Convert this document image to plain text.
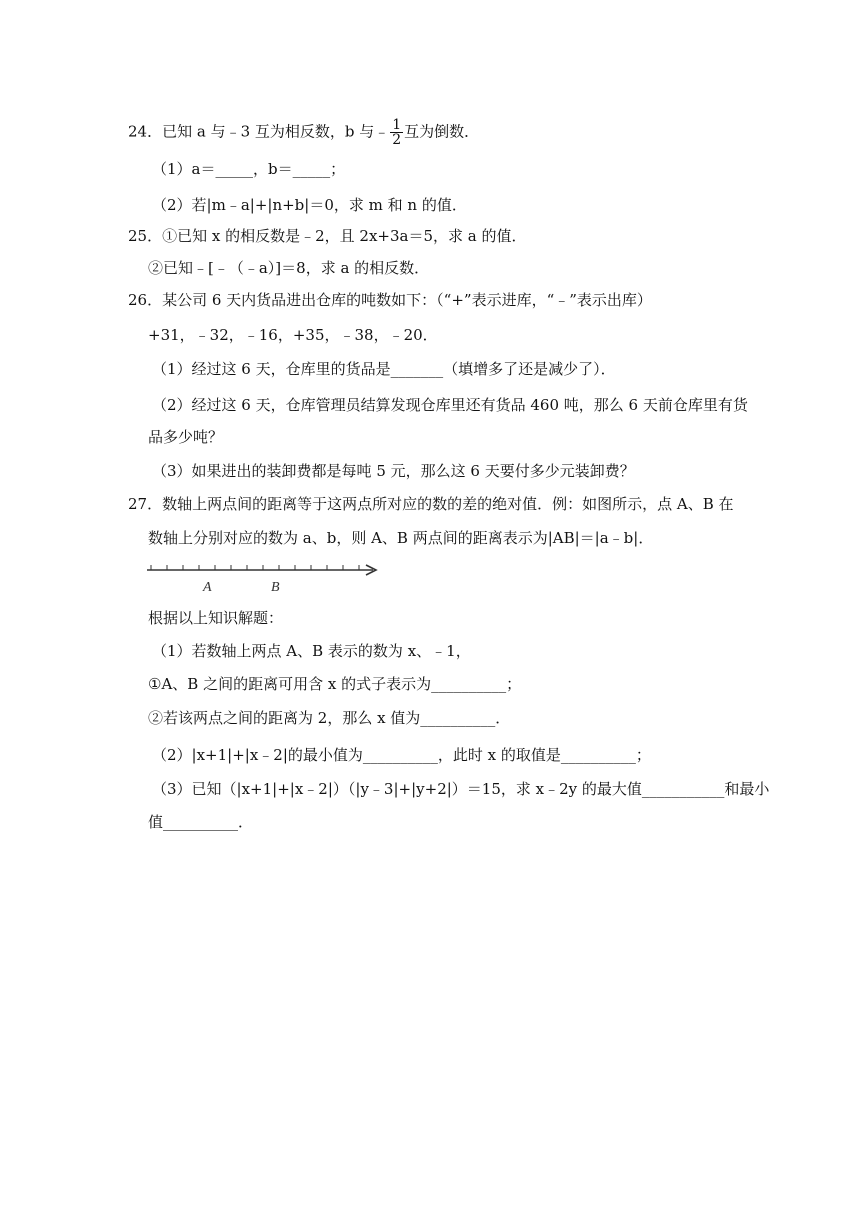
24．已知 a 与﹣3 互为相反数，b 与﹣ $\frac{1}{2}$ 互为倒数．
（1）a＝_____，b＝_____；
（2）若|m﹣a|+|n+b|＝0，求 m 和 n 的值．
25．①已知 x 的相反数是﹣2，且 2x+3a＝5，求 a 的值．
②已知﹣[﹣（﹣a）]＝8，求 a 的相反数．
26．某公司 6 天内货品进出仓库的吨数如下：（“+”表示进库，“﹣”表示出库）
+31，﹣32，﹣16，+35，﹣38，﹣20．
（1）经过这 6 天，仓库里的货品是_______（填增多了还是减少了）．
（2）经过这 6 天，仓库管理员结算发现仓库里还有货品 460 吨，那么 6 天前仓库里有货
品多少吨？
（3）如果进出的装卸费都是每吨 5 元，那么这 6 天要付多少元装卸费？
27．数轴上两点间的距离等于这两点所对应的数的差的绝对值．例：如图所示，点 A、B 在
数轴上分别对应的数为 a、b，则 A、B 两点间的距离表示为|AB|＝|a﹣b|．
A	B
根据以上知识解题：
（1）若数轴上两点 A、B 表示的数为 x、﹣1，
①A、B 之间的距离可用含 x 的式子表示为__________；
②若该两点之间的距离为 2，那么 x 值为__________．
（2）|x+1|+|x﹣2|的最小值为__________，此时 x 的取值是__________；
（3）已知（|x+1|+|x﹣2|）（|y﹣3|+|y+2|）＝15，求 x﹣2y 的最大值___________和最小
值__________．
